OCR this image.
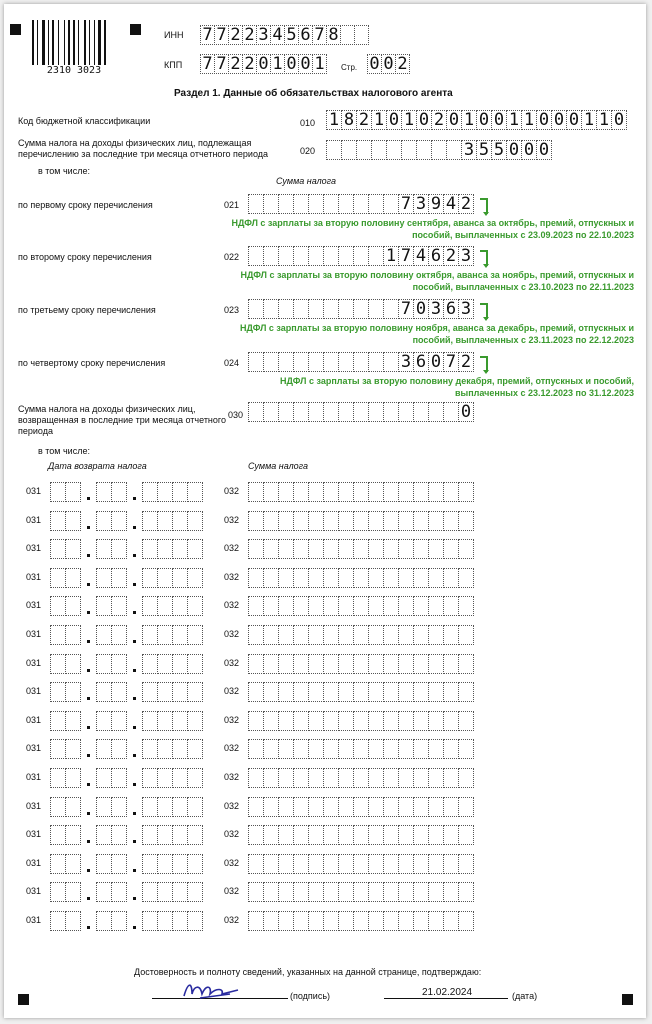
2310 3023
ИНН 7 7 2 2 3 4 5 6 7 8
КПП 7 7 2 2 0 1 0 0 1 Стр. 0 0 2
Раздел 1. Данные об обязательствах налогового агента
Код бюджетной классификации	010 1 8 2 1 0 1 0 2 0 1 0 0 1 1 0 0 0 1 1 0
Сумма налога на доходы физических лиц, подлежащая перечислению за последние три месяца отчетного периода	020	3 5 5 0 0 0
в том числе:
Сумма налога
по первому сроку перечисления	021	7 3 9 4 2
НДФЛ с зарплаты за вторую половину сентября, аванса за октябрь, премий, отпускных и пособий, выплаченных с 23.09.2023 по 22.10.2023
по второму сроку перечисления	022	1 7 4 6 2 3
НДФЛ с зарплаты за вторую половину октября, аванса за ноябрь, премий, отпускных и пособий, выплаченных с 23.10.2023 по 22.11.2023
по третьему сроку перечисления	023	7 0 3 6 3
НДФЛ с зарплаты за вторую половину ноября, аванса за декабрь, премий, отпускных и пособий, выплаченных с 23.11.2023 по 22.12.2023
по четвертому сроку перечисления	024	3 6 0 7 2
НДФЛ с зарплаты за вторую половину декабря, премий, отпускных и пособий, выплаченных с 23.12.2023 по 31.12.2023
Сумма налога на доходы физических лиц, возвращенная в последние три месяца отчетного периода
030	0
в том числе:
Дата возврата налога	Сумма налога
031	032
031	032
031	032
031	032
031	032
031	032
031	032
031	032
031	032
031	032
031	032
031	032
031	032
031	032
031	032
031	032
Достоверность и полноту сведений, указанных на данной странице, подтверждаю:
(подпись)	21.02.2024	(дата)
